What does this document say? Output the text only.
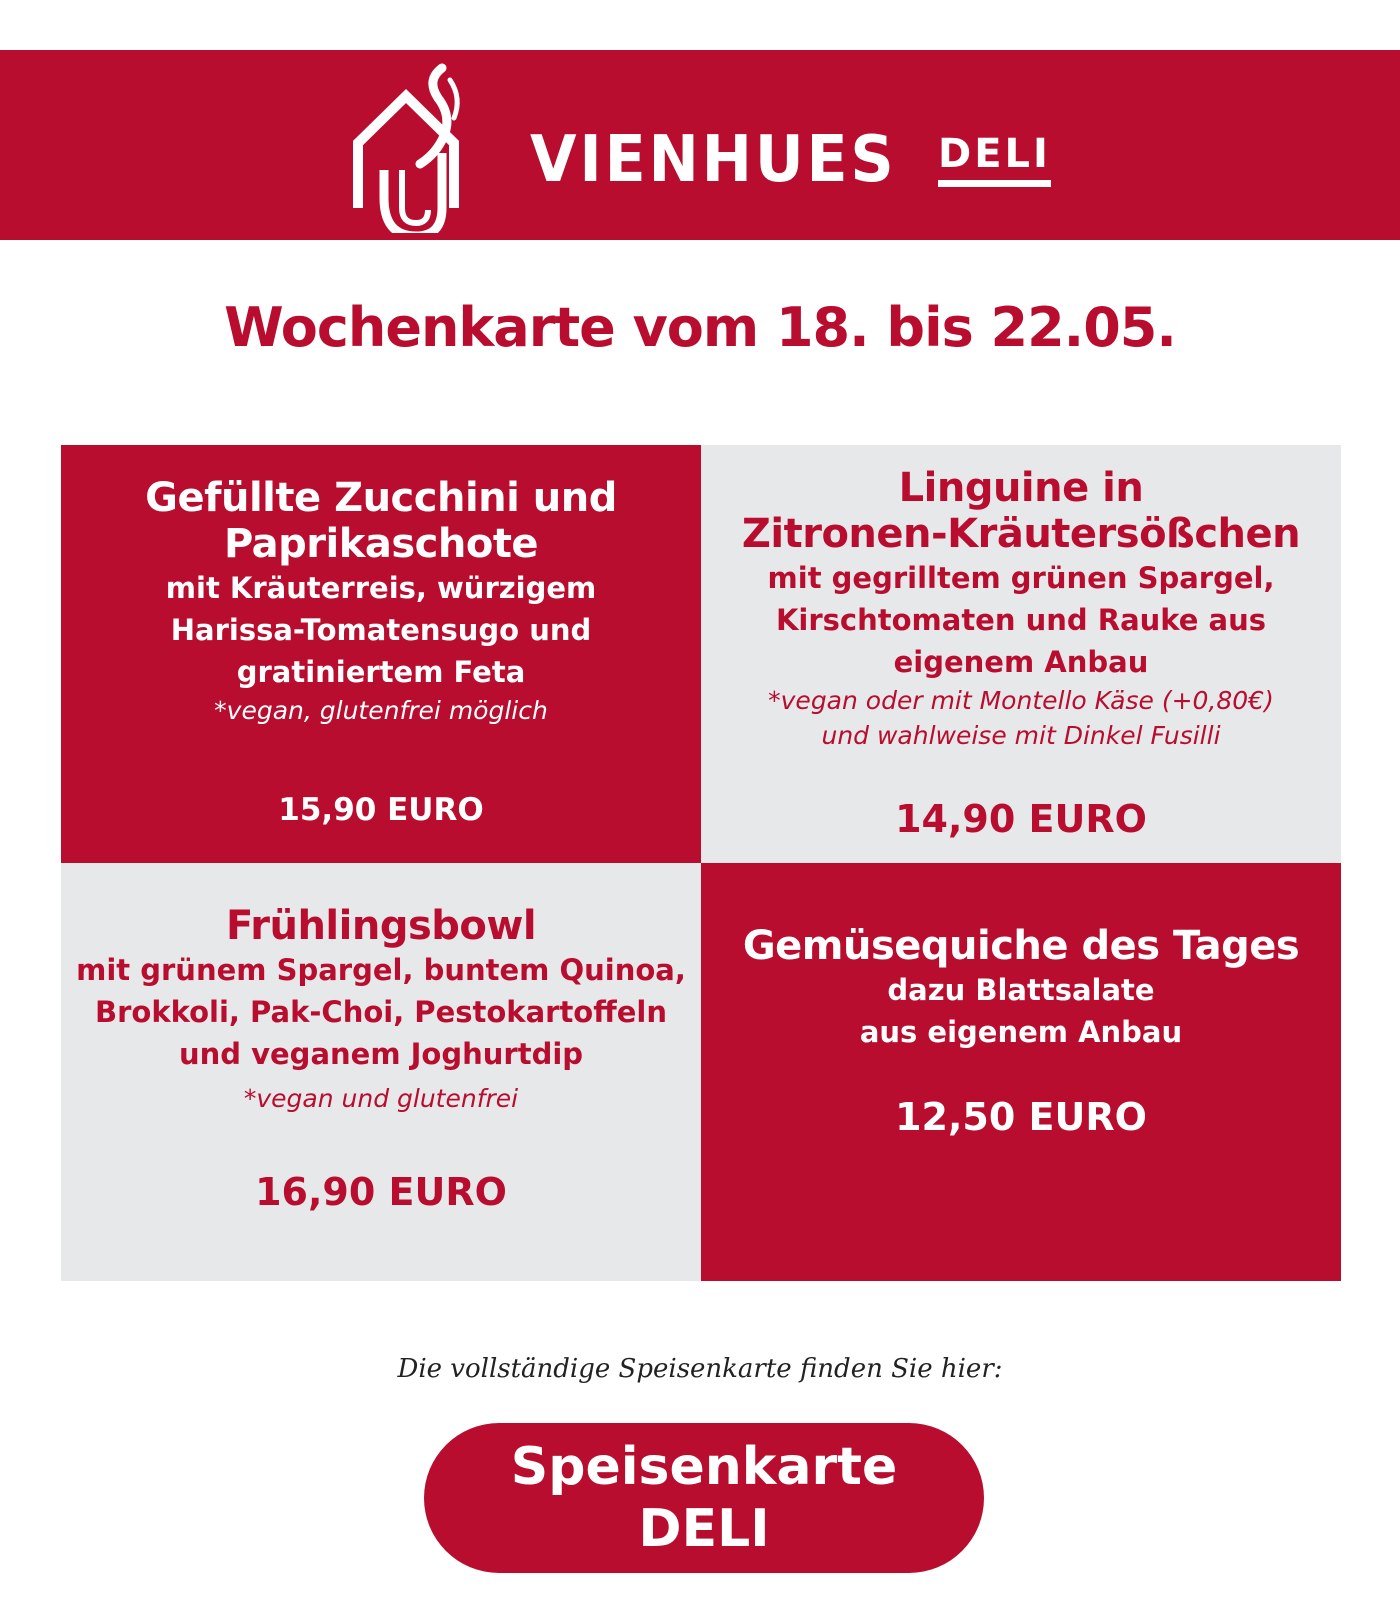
VIENHUES DELI
Wochenkarte vom 18. bis 22.05.
Gefüllte Zucchini und
Paprikaschote
mit Kräuterreis, würzigem
Harissa-Tomatensugo und
gratiniertem Feta
*vegan, glutenfrei möglich
15,90 EURO
Linguine in
Zitronen-Kräutersößchen
mit gegrilltem grünen Spargel,
Kirschtomaten und Rauke aus
eigenem Anbau
*vegan oder mit Montello Käse (+0,80€)
und wahlweise mit Dinkel Fusilli
14,90 EURO
Frühlingsbowl
mit grünem Spargel, buntem Quinoa,
Brokkoli, Pak-Choi, Pestokartoffeln
und veganem Joghurtdip
*vegan und glutenfrei
16,90 EURO
Gemüsequiche des Tages
dazu Blattsalate
aus eigenem Anbau
12,50 EURO
Die vollständige Speisenkarte finden Sie hier:
Speisenkarte
DELI
